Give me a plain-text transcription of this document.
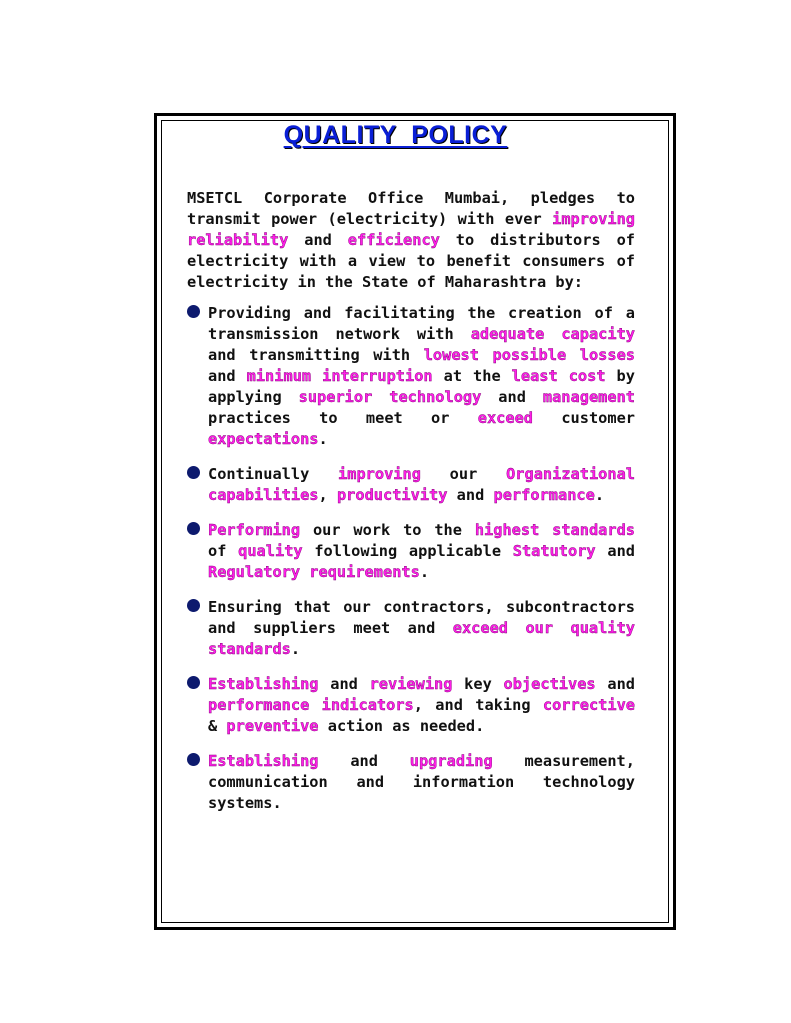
QUALITY  POLICY

MSETCL Corporate Office Mumbai, pledges to transmit power (electricity) with ever improving reliability and efficiency to distributors of electricity with a view to benefit consumers of electricity in the State of Maharashtra by:

Providing and facilitating the creation of a transmission network with adequate capacity and transmitting with lowest possible losses and minimum interruption at the least cost by applying superior technology and management practices to meet or exceed customer expectations.
Continually improving our Organizational capabilities, productivity and performance.
Performing our work to the highest standards of quality following applicable Statutory and Regulatory requirements.
Ensuring that our contractors, subcontractors and suppliers meet and exceed our quality standards.
Establishing and reviewing key objectives and performance indicators, and taking corrective & preventive action as needed.
Establishing and upgrading measurement, communication and information technology systems.
